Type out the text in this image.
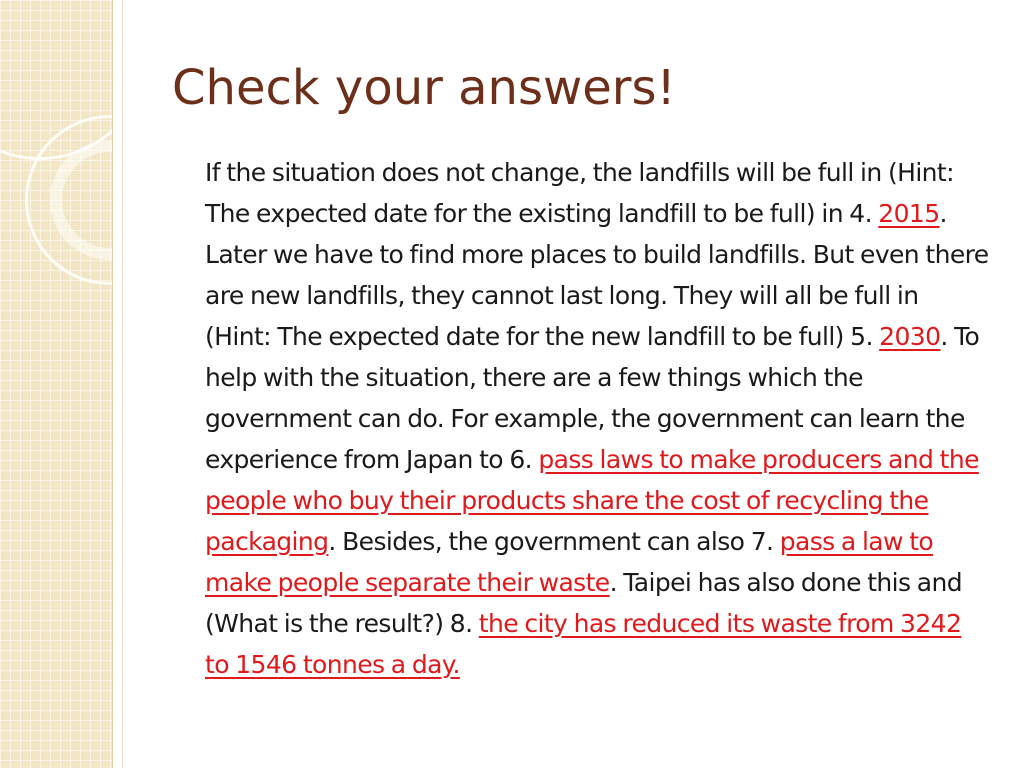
Check your answers!

If the situation does not change, the landfills will be full in (Hint: The expected date for the existing landfill to be full) in 4. 2015. Later we have to find more places to build landfills. But even there are new landfills, they cannot last long. They will all be full in (Hint: The expected date for the new landfill to be full) 5. 2030. To help with the situation, there are a few things which the government can do. For example, the government can learn the experience from Japan to 6. pass laws to make producers and the people who buy their products share the cost of recycling the packaging. Besides, the government can also 7. pass a law to make people separate their waste. Taipei has also done this and (What is the result?) 8. the city has reduced its waste from 3242 to 1546 tonnes a day.
